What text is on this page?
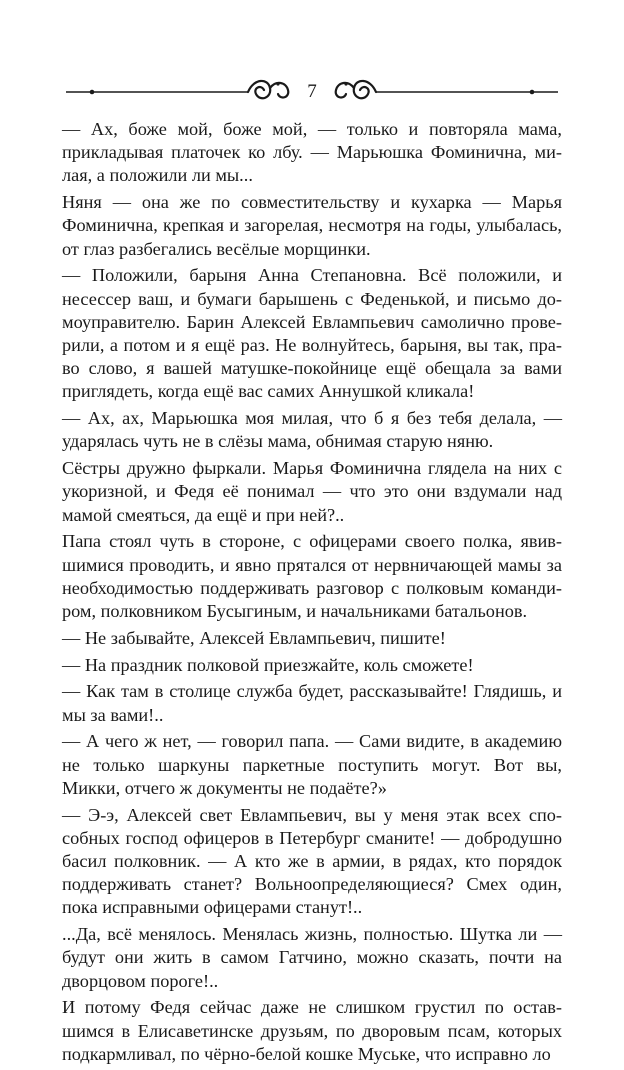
7

— Ах, боже мой, боже мой, — только и повторяла мама, прикладывая платочек ко лбу. — Марьюшка Фоминична, милая, а положили ли мы...

Няня — она же по совместительству и кухарка — Марья Фоминична, крепкая и загорелая, несмотря на годы, улыбалась, от глаз разбегались весёлые морщинки.

— Положили, барыня Анна Степановна. Всё положили, и несессер ваш, и бумаги барышень с Феденькой, и письмо домоуправителю. Барин Алексей Евлампьевич самолично проверили, а потом и я ещё раз. Не волнуйтесь, барыня, вы так, право слово, я вашей матушке-покойнице ещё обещала за вами приглядеть, когда ещё вас самих Аннушкой кликала!

— Ах, ах, Марьюшка моя милая, что б я без тебя делала, — ударялась чуть не в слёзы мама, обнимая старую няню.

Сёстры дружно фыркали. Марья Фоминична глядела на них с укоризной, и Федя её понимал — что это они вздумали над мамой смеяться, да ещё и при ней?..

Папа стоял чуть в стороне, с офицерами своего полка, явившимися проводить, и явно прятался от нервничающей мамы за необходимостью поддерживать разговор с полковым командиром, полковником Бусыгиным, и начальниками батальонов.

— Не забывайте, Алексей Евлампьевич, пишите!

— На праздник полковой приезжайте, коль сможете!

— Как там в столице служба будет, рассказывайте! Глядишь, и мы за вами!..

— А чего ж нет, — говорил папа. — Сами видите, в академию не только шаркуны паркетные поступить могут. Вот вы, Микки, отчего ж документы не подаёте?»

— Э-э, Алексей свет Евлампьевич, вы у меня этак всех способных господ офицеров в Петербург сманите! — добродушно басил полковник. — А кто же в армии, в рядах, кто порядок поддерживать станет? Вольноопределяющиеся? Смех один, пока исправными офицерами станут!..

...Да, всё менялось. Менялась жизнь, полностью. Шутка ли — будут они жить в самом Гатчино, можно сказать, почти на дворцовом пороге!..

И потому Федя сейчас даже не слишком грустил по оставшимся в Елисаветинске друзьям, по дворовым псам, которых подкармливал, по чёрно-белой кошке Муське, что исправно ло
